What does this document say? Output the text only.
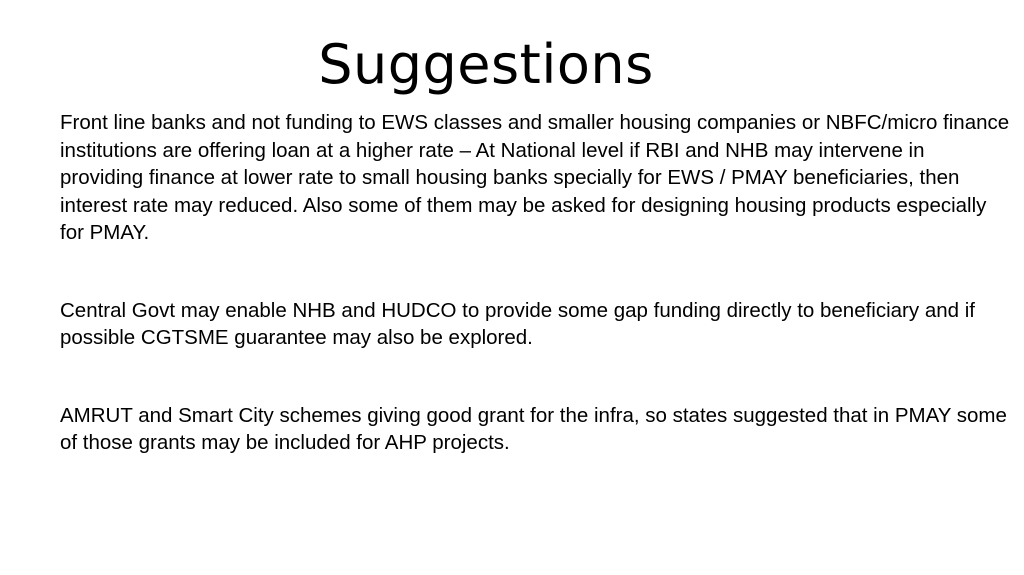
Suggestions

Front line banks and not funding to EWS classes and smaller housing companies or NBFC/micro finance institutions are offering loan at a higher rate – At National level if RBI and NHB may intervene in providing finance at lower rate to small housing banks specially for EWS / PMAY beneficiaries, then interest rate may reduced. Also some of them may be asked for designing housing products especially for PMAY.

Central Govt may enable NHB and HUDCO to provide some gap funding directly to beneficiary and if possible CGTSME guarantee may also be explored.

AMRUT and Smart City schemes giving good grant for the infra, so states suggested that in PMAY some of those grants may be included for AHP projects.
